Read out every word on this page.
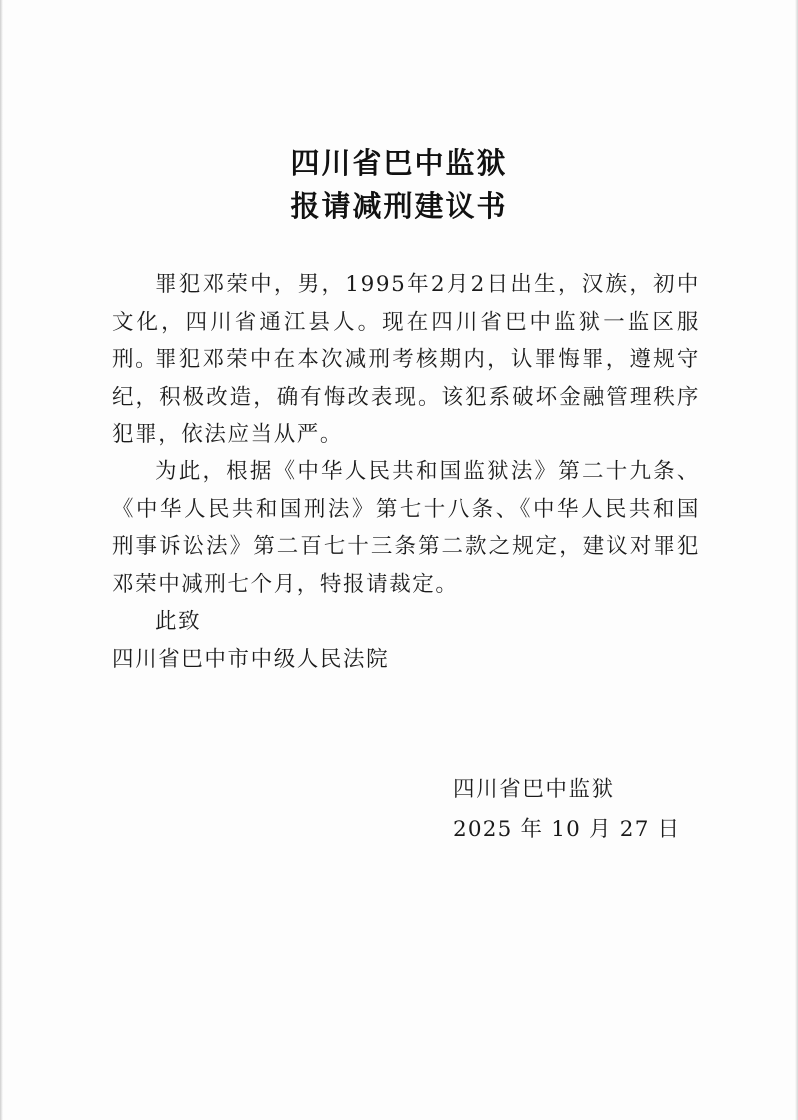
四川省巴中监狱
报请减刑建议书

罪犯邓荣中，男，1995年2月2日出生，汉族，初中文化，四川省通江县人。现在四川省巴中监狱一监区服刑。

罪犯邓荣中在本次减刑考核期内，认罪悔罪，遵规守纪，积极改造，确有悔改表现。该犯系破坏金融管理秩序犯罪，依法应当从严。

为此，根据《中华人民共和国监狱法》第二十九条、《中华人民共和国刑法》第七十八条、《中华人民共和国刑事诉讼法》第二百七十三条第二款之规定，建议对罪犯邓荣中减刑七个月，特报请裁定。

此致

四川省巴中市中级人民法院
四川省巴中监狱
2025 年 10 月 27 日
